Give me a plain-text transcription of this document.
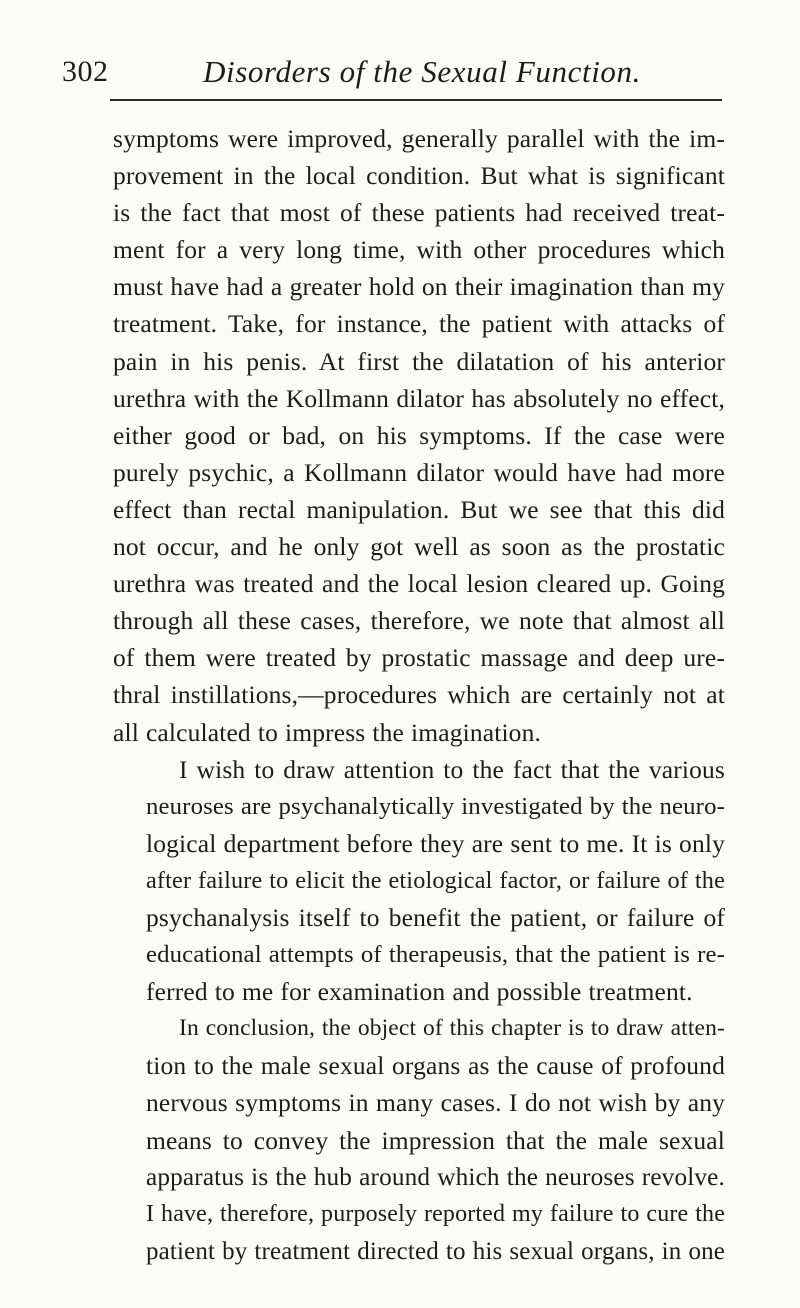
302	Disorders of the Sexual Function.

symptoms were improved, generally parallel with the im-
provement in the local condition. But what is significant
is the fact that most of these patients had received treat-
ment for a very long time, with other procedures which
must have had a greater hold on their imagination than my
treatment. Take, for instance, the patient with attacks of
pain in his penis. At first the dilatation of his anterior
urethra with the Kollmann dilator has absolutely no effect,
either good or bad, on his symptoms. If the case were
purely psychic, a Kollmann dilator would have had more
effect than rectal manipulation. But we see that this did
not occur, and he only got well as soon as the prostatic
urethra was treated and the local lesion cleared up. Going
through all these cases, therefore, we note that almost all
of them were treated by prostatic massage and deep ure-
thral instillations,—procedures which are certainly not at
all calculated to impress the imagination.

I wish to draw attention to the fact that the various
neuroses are psychanalytically investigated by the neuro-
logical department before they are sent to me. It is only
after failure to elicit the etiological factor, or failure of the
psychanalysis itself to benefit the patient, or failure of
educational attempts of therapeusis, that the patient is re-
ferred to me for examination and possible treatment.

In conclusion, the object of this chapter is to draw atten-
tion to the male sexual organs as the cause of profound
nervous symptoms in many cases. I do not wish by any
means to convey the impression that the male sexual
apparatus is the hub around which the neuroses revolve.
I have, therefore, purposely reported my failure to cure the
patient by treatment directed to his sexual organs, in one
